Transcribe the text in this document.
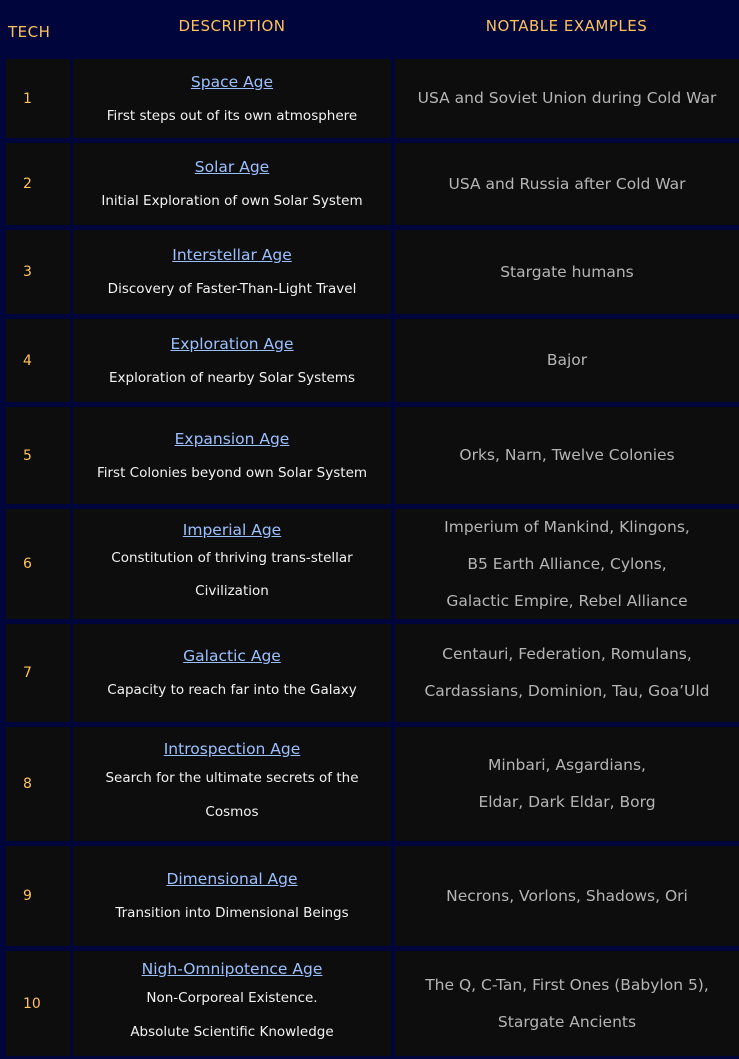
TECH	DESCRIPTION	NOTABLE EXAMPLES
1
Space Age
First steps out of its own atmosphere
USA and Soviet Union during Cold War
2
Solar Age
Initial Exploration of own Solar System
USA and Russia after Cold War
3
Interstellar Age
Discovery of Faster-Than-Light Travel
Stargate humans
4
Exploration Age
Exploration of nearby Solar Systems
Bajor
5
Expansion Age
First Colonies beyond own Solar System
Orks, Narn, Twelve Colonies
6
Imperial Age
Constitution of thriving trans-stellar
Civilization
Imperium of Mankind, Klingons,
B5 Earth Alliance, Cylons,
Galactic Empire, Rebel Alliance
7
Galactic Age
Capacity to reach far into the Galaxy
Centauri, Federation, Romulans,
Cardassians, Dominion, Tau, Goa’Uld
8
Introspection Age
Search for the ultimate secrets of the
Cosmos
Minbari, Asgardians,
Eldar, Dark Eldar, Borg
9
Dimensional Age
Transition into Dimensional Beings
Necrons, Vorlons, Shadows, Ori
10
Nigh-Omnipotence Age
Non-Corporeal Existence.
Absolute Scientific Knowledge
The Q, C-Tan, First Ones (Babylon 5),
Stargate Ancients
